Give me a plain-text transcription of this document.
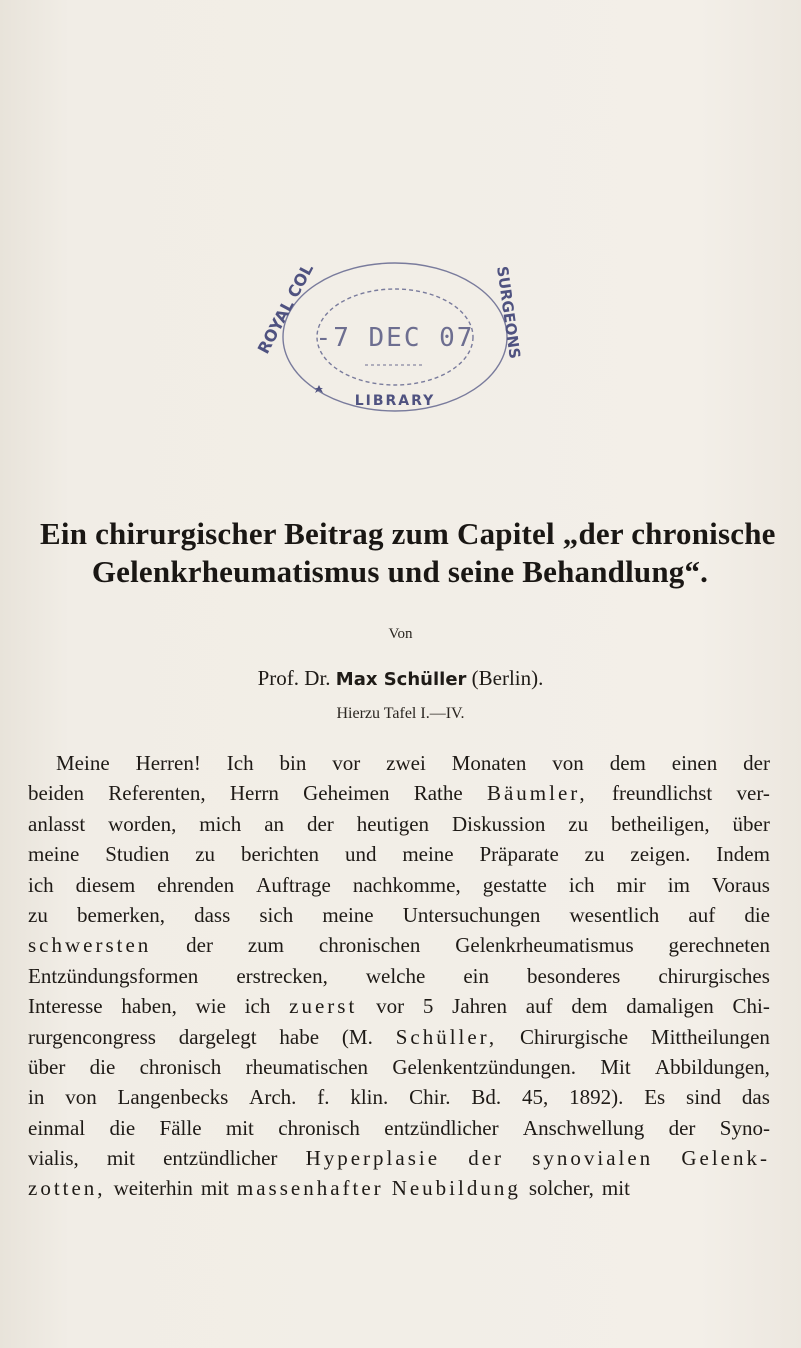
ROYAL COL	SURGEONS
-7 DEC 07
LIBRARY
Ein chirurgischer Beitrag zum Capitel „der chronische
Gelenkrheumatismus und seine Behandlung“.
Von
Prof. Dr. Max Schüller (Berlin).
Hierzu Tafel I.—IV.
Meine Herren! Ich bin vor zwei Monaten von dem einen der
beiden Referenten, Herrn Geheimen Rathe Bäumler, freundlichst ver-
anlasst worden, mich an der heutigen Diskussion zu betheiligen, über
meine Studien zu berichten und meine Präparate zu zeigen. Indem
ich diesem ehrenden Auftrage nachkomme, gestatte ich mir im Voraus
zu bemerken, dass sich meine Untersuchungen wesentlich auf die
schwersten der zum chronischen Gelenkrheumatismus gerechneten
Entzündungsformen erstrecken, welche ein besonderes chirurgisches
Interesse haben, wie ich zuerst vor 5 Jahren auf dem damaligen Chi-
rurgencongress dargelegt habe (M. Schüller, Chirurgische Mittheilungen
über die chronisch rheumatischen Gelenkentzündungen. Mit Abbildungen,
in von Langenbecks Arch. f. klin. Chir. Bd. 45, 1892). Es sind das
einmal die Fälle mit chronisch entzündlicher Anschwellung der Syno-
vialis, mit entzündlicher Hyperplasie der synovialen Gelenk-
zotten, weiterhin mit massenhafter Neubildung solcher, mit
